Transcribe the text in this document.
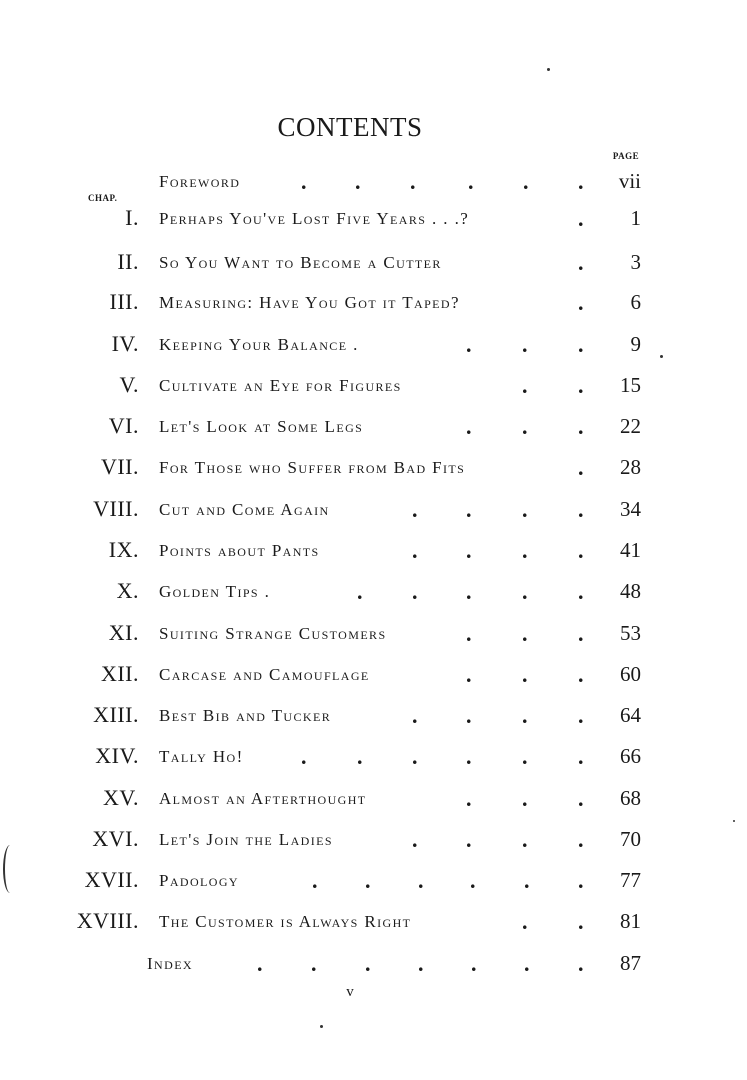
CONTENTS
PAGE
CHAP.
Foreword	vii
I. Perhaps You've Lost Five Years . . .?	1
II. So You Want to Become a Cutter	3
III. Measuring: Have You Got it Taped?	6
IV. Keeping Your Balance .	9
V. Cultivate an Eye for Figures	15
VI. Let's Look at Some Legs	22
VII. For Those who Suffer from Bad Fits	28
VIII. Cut and Come Again	34
IX. Points about Pants	41
X. Golden Tips .	48
XI. Suiting Strange Customers	53
XII. Carcase and Camouflage	60
XIII. Best Bib and Tucker	64
XIV. Tally Ho!	66
XV. Almost an Afterthought	68
XVI. Let's Join the Ladies	70
XVII. Padology	77
XVIII. The Customer is Always Right	81
Index	87
. . . . . .
.
.
.
. . .
. .
. . .
.
. . . .
. . . .
. . . . .
. . .
. . .
. . . .
. . . . . .
. . .
. . . .
. . . . . .
. .
. . . . . . .
v
